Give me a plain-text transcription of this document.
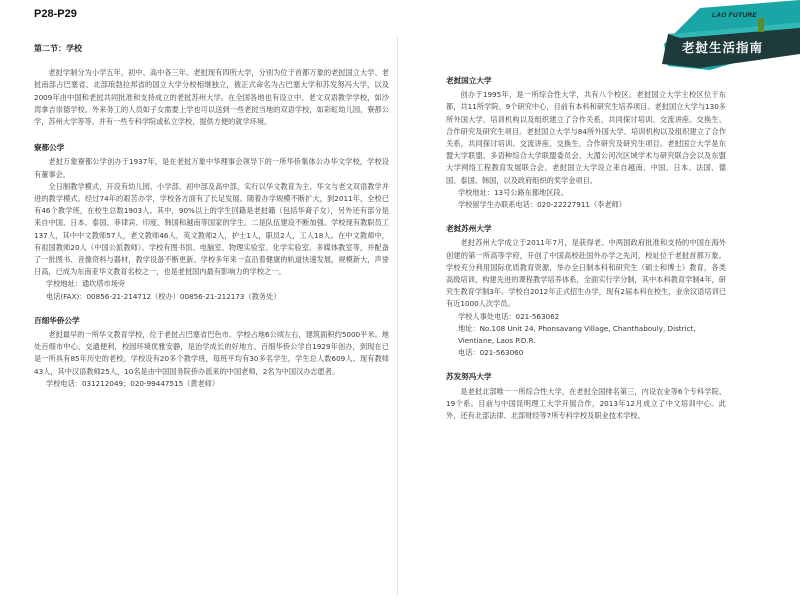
P28-P29	LAO FUTURE
老挝生活指南
第二节：学校

老挝学制分为小学五年，初中、高中各三年。老挝现有四所大学，分别为位于首都万象的老挝国立大学、老挝南部占巴塞省、北部琅勃拉邦省的国立大学分校相继独立，被正式命名为占巴塞大学和苏发努冯大学，以及2009年由中国和老挝共同批准和支持成立的老挝苏州大学。在全国各地也有设立中、老文双语教学学校，如沙湾拿吉崇德学校。外来务工的人员如子女需要上学也可以送到一些老挝当地的双语学校，如彩虹幼儿园，寮都公学，苏州大学等等。并有一些专科学院或私立学校，提供方便的就学环境。

寮都公学

老挝万象寮都公学创办于1937年，是在老挝万象中华理事会领导下的一所华侨集体公办华文学校，学校设有董事会。

全日制教学模式，开设有幼儿园、小学部、初中部及高中部，实行以华文教育为主、华文与老文双语教学并进的教学模式。经过74年的艰苦办学，学校各方面有了长足发展。随着办学规模不断扩大，到2011年，全校已有46个教学班，在校生总数1903人。其中，90%以上的学生回籍是老挝籍（包括华裔子女），另外还有部分是来自中国、日本、泰国、菲律宾、印度、韩国和越南等国家的学生。二是队伍建设不断加强。学校现有教职员工137人，其中中文教师57人，老文教师46人，英文教师2人，护士1人，职员2人，工人18人。在中文教师中，有祖国教师20人（中国公派教师）。学校有图书馆、电脑室、物理实验室、化学实验室、多媒体教室等，并配备了一批图书、音像资料与器材，教学设备不断更新。学校多年来一直沿着健康的轨道快速发展，规模新大，声誉日高，已成为东南亚华文教育名校之一，也是老挝国内最有影响力的学校之一。

学校地址：通坎塔市场旁

电话(FAX)：00856-21-214712（校办）00856-21-212173（教务处）

百细华侨公学

老挝最早的一所华文教育学校，位于老挝占巴塞省巴色市。学校占地6公顷左右，建筑面积约5000平米。地处百细市中心，交通便利，校园环境优雅安静，是治学成长的好地方。百细华侨公学自1929年创办，到现在已是一所具有85年历史的老校。学校设有20多个教学班，每班平均有30多名学生，学生总人数609人。现有教师43人，其中汉语教师25人，10名是由中国国务院侨办派来的中国老师，2名为中国汉办志愿者。

学校电话：031212049；020-99447515（黄老师）

老挝国立大学

创办于1995年，是一所综合性大学，共有八个校区。老挝国立大学主校区位于东都，共11所学院、9个研究中心，目前有本科和研究生培养项目。老挝国立大学与130多所外国大学、培训机构以及组织建立了合作关系，共同探讨培训、交流讲座、交换生、合作研究及研究生项目。老挝国立大学与84所外国大学、培训机构以及组织建立了合作关系，共同探讨培训、交流讲座、交换生、合作研究及研究生项目。老挝国立大学是东盟大学联盟、多语种综合大学联盟委员会、大湄公河次区域学术与研究联合会以及东盟大学网络工程教育发展联合会。老挝国立大学设立来自越南、中国、日本、法国、德国、泰国、韩国，以及政府组织的奖学金项目。

学校地址：13号公路东都地区段。

学校留学生办联系电话：020-22227911（李老师）

老挝苏州大学

老挝苏州大学成立于2011年7月，是获得老、中两国政府批准和支持的中国在海外创建的第一所高等学府，开创了中国高校赴国外办学之先河，校址位于老挝首都万象。学校充分利用国际优质教育资源，举办全日制本科和研究生（硕士和博士）教育，各类高级培训，构建先进的课程教学培养体系，全面实行学分制，其中本科教育学制4年，研究生教育学制3年。学校自2012年正式招生办学，现有2届本科在校生，业余汉语培训已有近1000人次学员。

学校人事处电话：021-563062

地址：No.108 Unit 24, Phonsavang Village, Chanthabouly, District, Vientiane, Laos P.D.R.

电话：021-563060

苏发努冯大学

是老挝北部唯一一所综合性大学，在老挝全国排名第三，内设农业等6个专科学院、19个系。目前与中国昆明理工大学开展合作，2013年12月成立了中文培训中心。此外，还有北部法律、北部财经等7所专科学校及职业技术学校。
